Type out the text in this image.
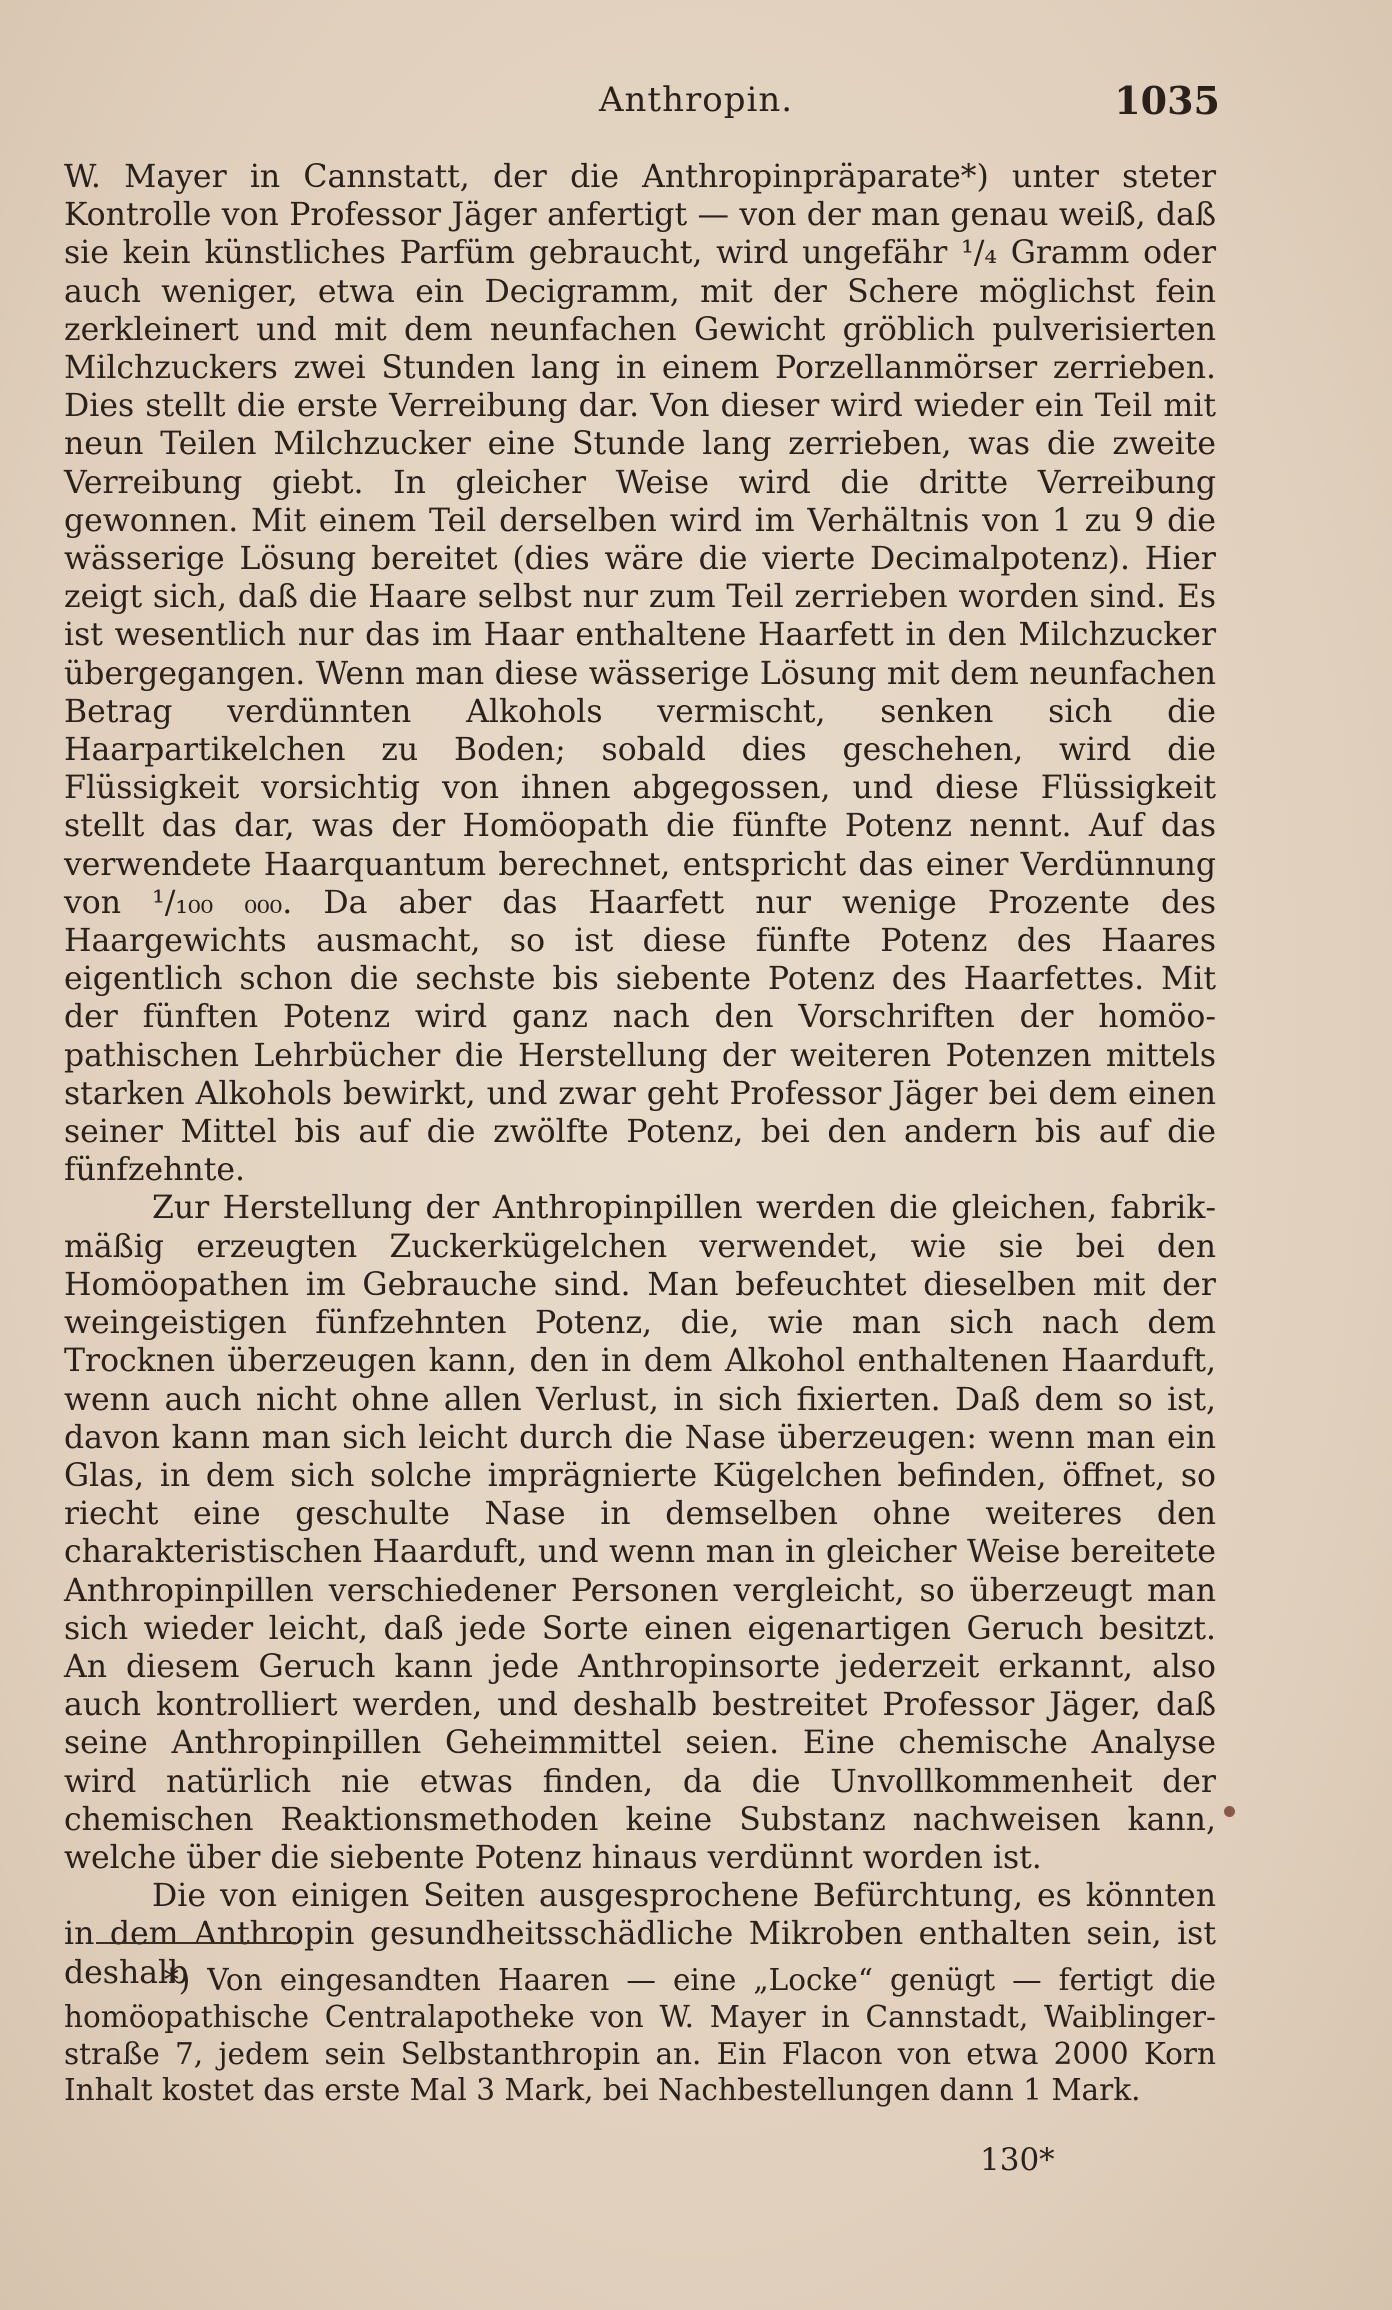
Anthropin.	1035

W. Mayer in Cannstatt, der die Anthropinpräparate*) unter steter Kontrolle von Professor Jäger anfertigt — von der man genau weiß, daß sie kein künstliches Parfüm gebraucht, wird ungefähr ¹/₄ Gramm oder auch weniger, etwa ein Decigramm, mit der Schere möglichst fein zerkleinert und mit dem neunfachen Gewicht gröblich pulverisierten Milchzuckers zwei Stunden lang in einem Porzellanmörser zerrieben. Dies stellt die erste Verreibung dar. Von dieser wird wieder ein Teil mit neun Teilen Milchzucker eine Stunde lang zerrieben, was die zweite Verreibung giebt. In gleicher Weise wird die dritte Verreibung gewonnen. Mit einem Teil derselben wird im Verhältnis von 1 zu 9 die wässerige Lösung bereitet (dies wäre die vierte Decimalpotenz). Hier zeigt sich, daß die Haare selbst nur zum Teil zerrieben worden sind. Es ist wesentlich nur das im Haar enthaltene Haarfett in den Milchzucker übergegangen. Wenn man diese wässerige Lösung mit dem neunfachen Betrag verdünnten Alkohols vermischt, senken sich die Haarpartikelchen zu Boden; sobald dies geschehen, wird die Flüssigkeit vorsichtig von ihnen abgegossen, und diese Flüssigkeit stellt das dar, was der Homöopath die fünfte Potenz nennt. Auf das verwendete Haarquantum berechnet, entspricht das einer Verdünnung von ¹/₁₀₀ ₀₀₀. Da aber das Haarfett nur wenige Prozente des Haargewichts ausmacht, so ist diese fünfte Potenz des Haares eigentlich schon die sechste bis siebente Potenz des Haarfettes. Mit der fünften Potenz wird ganz nach den Vorschriften der homöopathischen Lehrbücher die Herstellung der weiteren Potenzen mittels starken Alkohols bewirkt, und zwar geht Professor Jäger bei dem einen seiner Mittel bis auf die zwölfte Potenz, bei den andern bis auf die fünfzehnte.

Zur Herstellung der Anthropinpillen werden die gleichen, fabrikmäßig erzeugten Zuckerkügelchen verwendet, wie sie bei den Homöopathen im Gebrauche sind. Man befeuchtet dieselben mit der weingeistigen fünfzehnten Potenz, die, wie man sich nach dem Trocknen überzeugen kann, den in dem Alkohol enthaltenen Haarduft, wenn auch nicht ohne allen Verlust, in sich fixierten. Daß dem so ist, davon kann man sich leicht durch die Nase überzeugen: wenn man ein Glas, in dem sich solche imprägnierte Kügelchen befinden, öffnet, so riecht eine geschulte Nase in demselben ohne weiteres den charakteristischen Haarduft, und wenn man in gleicher Weise bereitete Anthropinpillen verschiedener Personen vergleicht, so überzeugt man sich wieder leicht, daß jede Sorte einen eigenartigen Geruch besitzt. An diesem Geruch kann jede Anthropinsorte jederzeit erkannt, also auch kontrolliert werden, und deshalb bestreitet Professor Jäger, daß seine Anthropinpillen Geheimmittel seien. Eine chemische Analyse wird natürlich nie etwas finden, da die Unvollkommenheit der chemischen Reaktionsmethoden keine Substanz nachweisen kann, welche über die siebente Potenz hinaus verdünnt worden ist.

Die von einigen Seiten ausgesprochene Befürchtung, es könnten in dem Anthropin gesundheitsschädliche Mikroben enthalten sein, ist deshalb

*) Von eingesandten Haaren — eine „Locke“ genügt — fertigt die homöopathische Centralapotheke von W. Mayer in Cannstadt, Waiblingerstraße 7, jedem sein Selbstanthropin an. Ein Flacon von etwa 2000 Korn Inhalt kostet das erste Mal 3 Mark, bei Nachbestellungen dann 1 Mark.

130*
